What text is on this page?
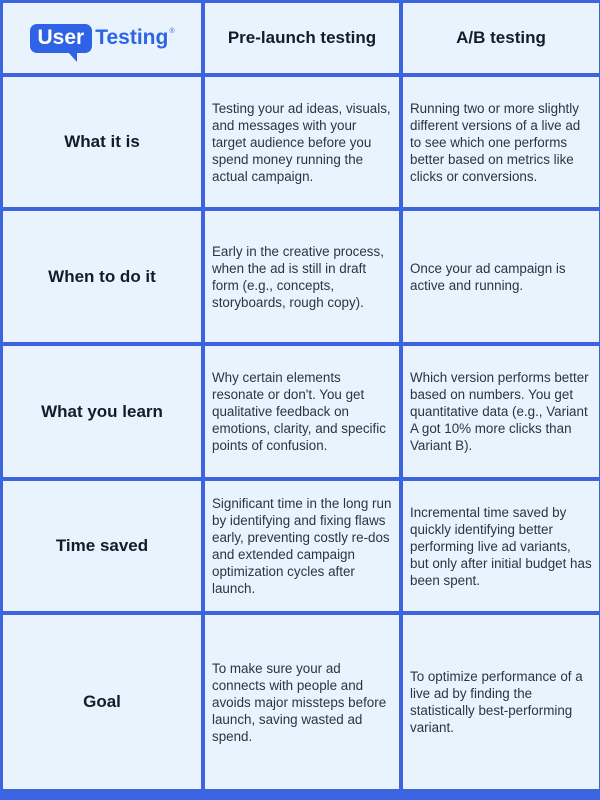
User Testing ®	Pre-launch testing	A/B testing
What it is
Testing your ad ideas, visuals, and messages with your target audience before you spend money running the actual campaign.
Running two or more slightly different versions of a live ad to see which one performs better based on metrics like clicks or conversions.
When to do it
Early in the creative process, when the ad is still in draft form (e.g., concepts, storyboards, rough copy).
Once your ad campaign is active and running.
What you learn
Why certain elements resonate or don't. You get qualitative feedback on emotions, clarity, and specific points of confusion.
Which version performs better based on numbers. You get quantitative data (e.g., Variant A got 10% more clicks than Variant B).
Time saved
Significant time in the long run by identifying and fixing flaws early, preventing costly re-dos and extended campaign optimization cycles after launch.
Incremental time saved by quickly identifying better performing live ad variants, but only after initial budget has been spent.
Goal
To make sure your ad connects with people and avoids major missteps before launch, saving wasted ad spend.
To optimize performance of a live ad by finding the statistically best-performing variant.
